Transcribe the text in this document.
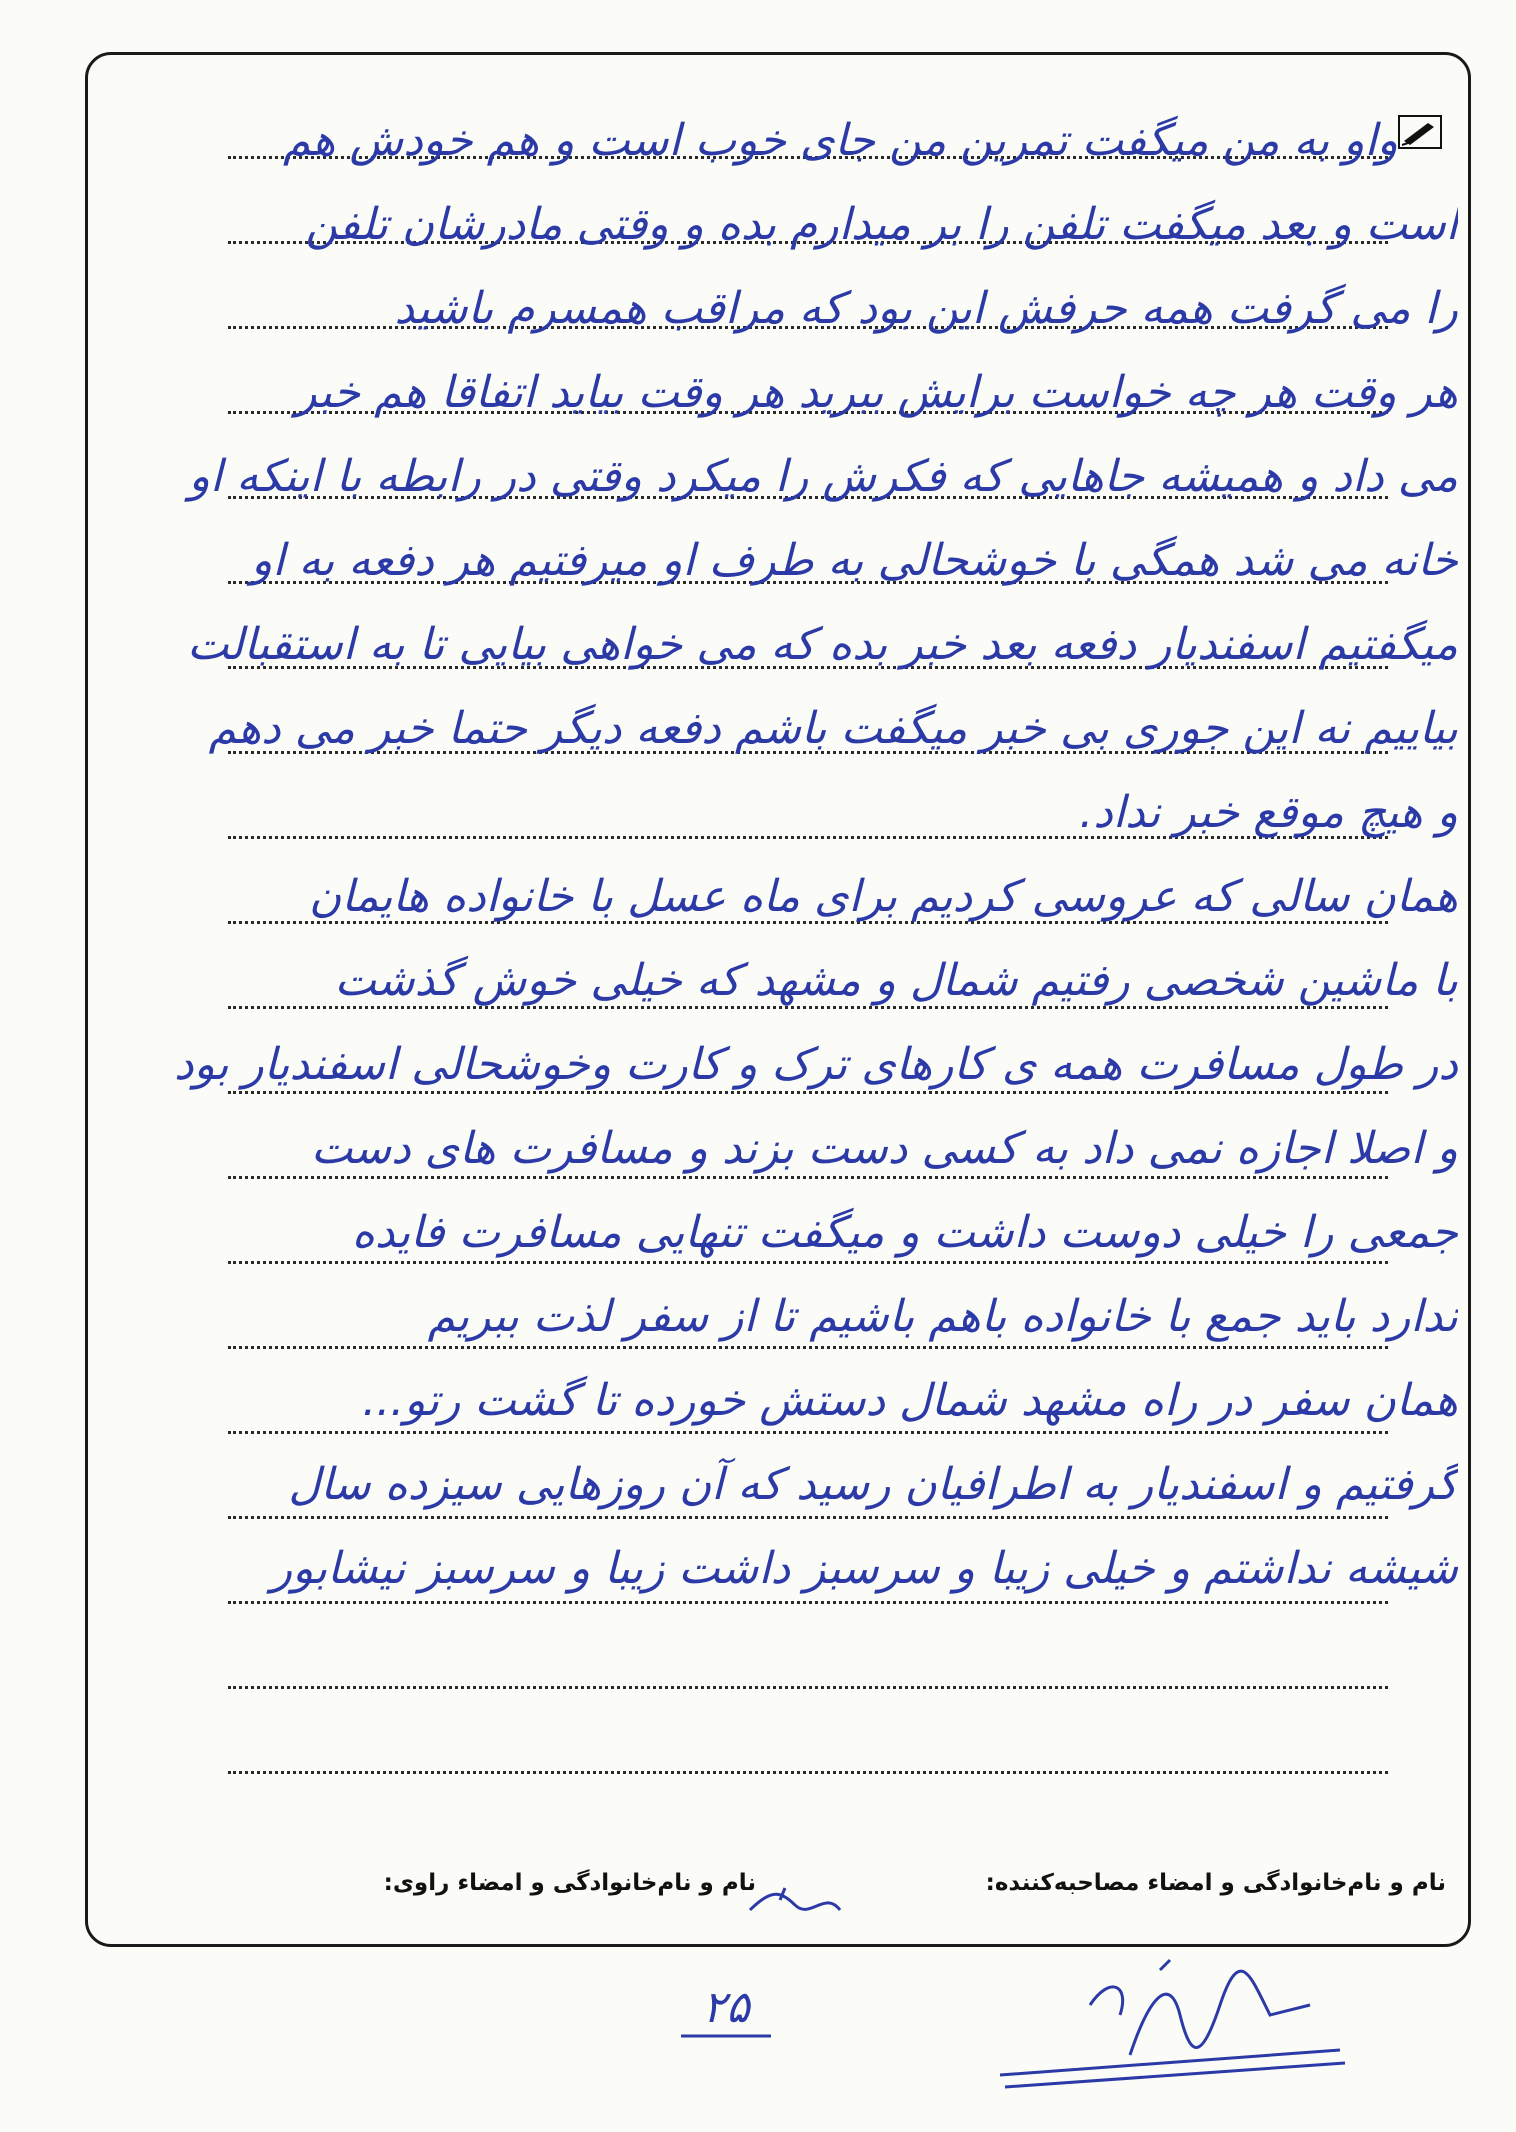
واو به من میگفت تمرین من جای خوب است و هم خودش هم
است و بعد میگفت تلفن را بر میدارم بده و وقتی مادرشان تلفن
را می گرفت همه حرفش این بود که مراقب همسرم باشید
هر وقت هر چه خواست برایش ببرید هر وقت بیاید اتفاقا هم خبر
می داد و همیشه جاهایی که فکرش را میکرد وقتی در رابطه با اینکه او
خانه می شد همگی با خوشحالی به طرف او میرفتیم هر دفعه به او
میگفتیم اسفندیار دفعه بعد خبر بده که می خواهی بیایی تا به استقبالت
بیاییم نه این جوری بی خبر میگفت باشم دفعه دیگر حتما خبر می دهم
و هیچ موقع خبر نداد.
همان سالی که عروسی کردیم برای ماه عسل با خانواده هایمان
با ماشین شخصی رفتیم شمال و مشهد که خیلی خوش گذشت
در طول مسافرت همه ی کارهای ترک و کارت وخوشحالی اسفندیار بود
و اصلا اجازه نمی داد به کسی دست بزند و مسافرت های دست
جمعی را خیلی دوست داشت و میگفت تنهایی مسافرت فایده
ندارد باید جمع با خانواده باهم باشیم تا از سفر لذت ببریم
همان سفر در راه مشهد شمال دستش خورده تا گشت رتو...
گرفتیم و اسفندیار به اطرافیان رسید که آن روزهایی سیزده سال
شیشه نداشتم و خیلی زیبا و سرسبز داشت زیبا و سرسبز نیشابور
نام و نام‌خانوادگی و امضاء مصاحبه‌کننده:
نام و نام‌خانوادگی و امضاء راوی:
۲۵
